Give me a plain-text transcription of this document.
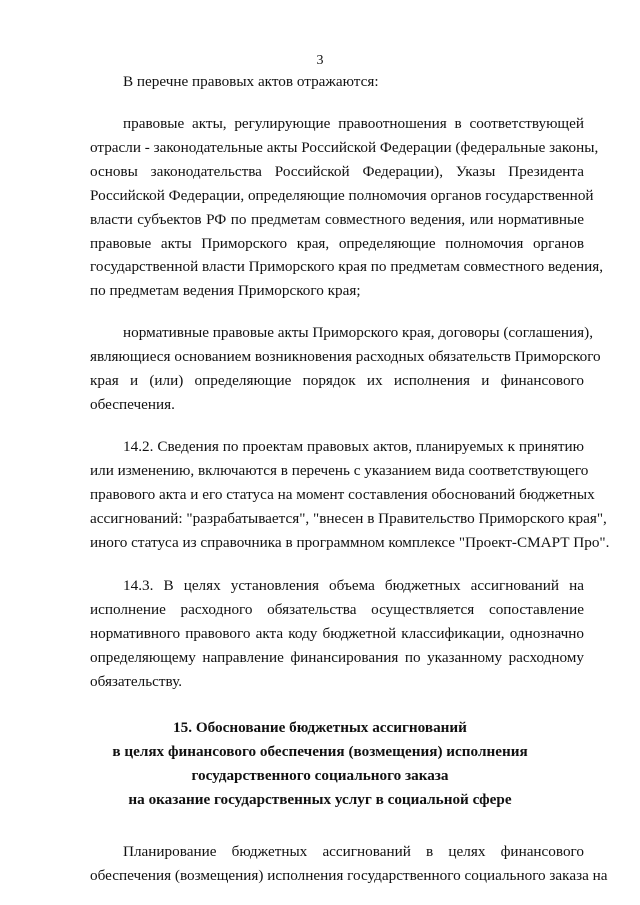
3
В перечне правовых актов отражаются:
правовые акты, регулирующие правоотношения в соответствующей
отрасли - законодательные акты Российской Федерации (федеральные законы,
основы законодательства Российской Федерации), Указы Президента
Российской Федерации, определяющие полномочия органов государственной
власти субъектов РФ по предметам совместного ведения, или нормативные
правовые акты Приморского края, определяющие полномочия органов
государственной власти Приморского края по предметам совместного ведения,
по предметам ведения Приморского края;
нормативные правовые акты Приморского края, договоры (соглашения),
являющиеся основанием возникновения расходных обязательств Приморского
края и (или) определяющие порядок их исполнения и финансового
обеспечения.
14.2. Сведения по проектам правовых актов, планируемых к принятию
или изменению, включаются в перечень с указанием вида соответствующего
правового акта и его статуса на момент составления обоснований бюджетных
ассигнований: "разрабатывается", "внесен в Правительство Приморского края",
иного статуса из справочника в программном комплексе "Проект-СМАРТ Про".
14.3. В целях установления объема бюджетных ассигнований на
исполнение расходного обязательства осуществляется сопоставление
нормативного правового акта коду бюджетной классификации, однозначно
определяющему направление финансирования по указанному расходному
обязательству.
15. Обоснование бюджетных ассигнований
в целях финансового обеспечения (возмещения) исполнения
государственного социального заказа
на оказание государственных услуг в социальной сфере
Планирование бюджетных ассигнований в целях финансового
обеспечения (возмещения) исполнения государственного социального заказа на
